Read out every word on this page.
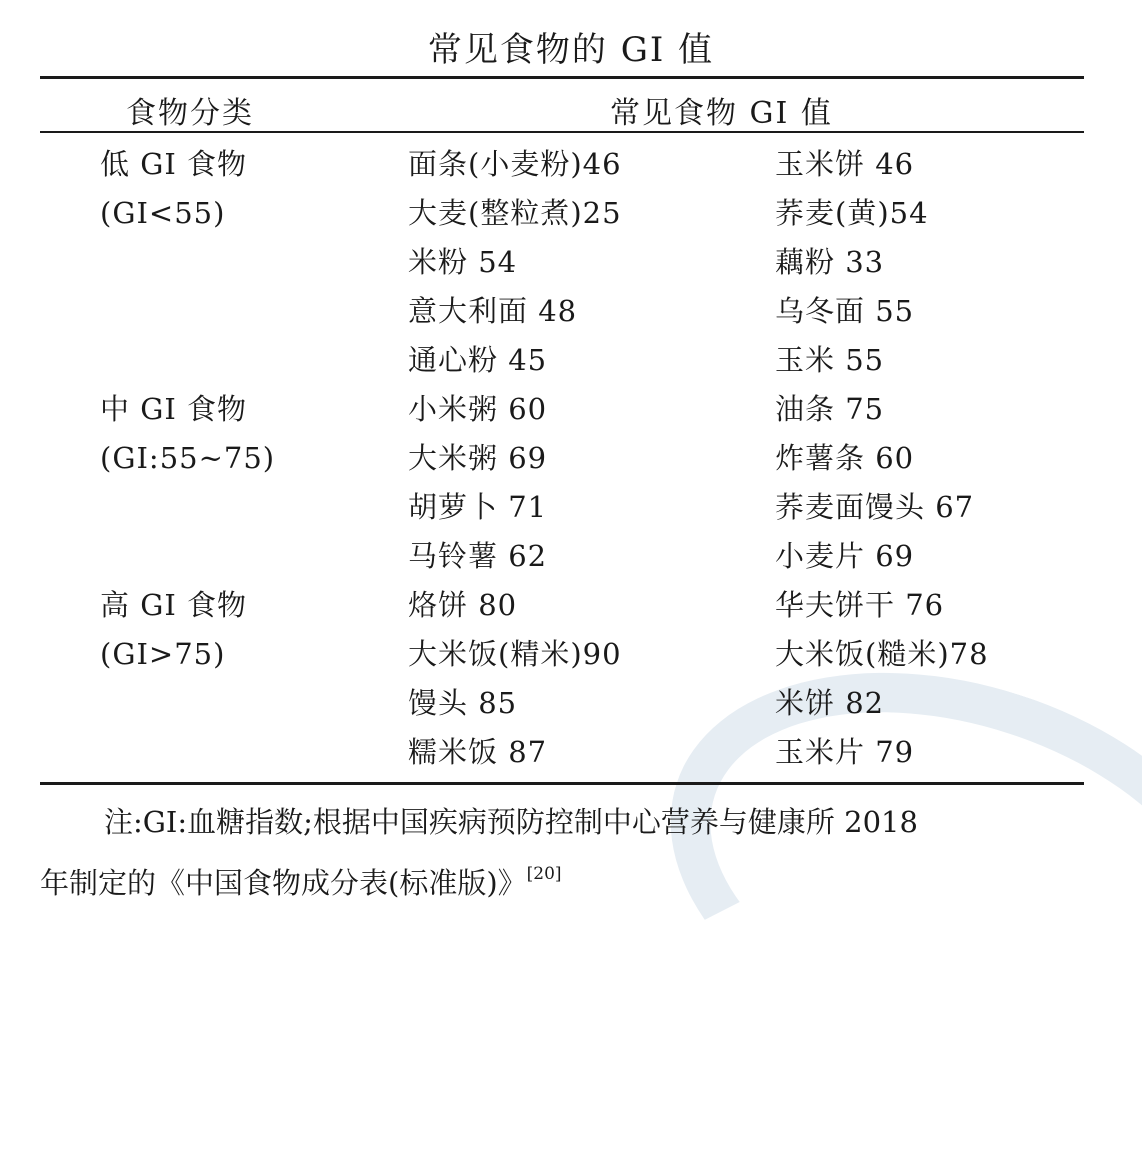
常见食物的 GI 值
食物分类	常见食物 GI 值
低 GI 食物
(GI<55)
中 GI 食物
(GI:55~75)
高 GI 食物
(GI>75)
面条(小麦粉)46
大麦(整粒煮)25
米粉 54
意大利面 48
通心粉 45
小米粥 60
大米粥 69
胡萝卜 71
马铃薯 62
烙饼 80
大米饭(精米)90
馒头 85
糯米饭 87
玉米饼 46
荞麦(黄)54
藕粉 33
乌冬面 55
玉米 55
油条 75
炸薯条 60
荞麦面馒头 67
小麦片 69
华夫饼干 76
大米饭(糙米)78
米饼 82
玉米片 79
注:GI:血糖指数;根据中国疾病预防控制中心营养与健康所 2018
年制定的《中国食物成分表(标准版)》[20]
